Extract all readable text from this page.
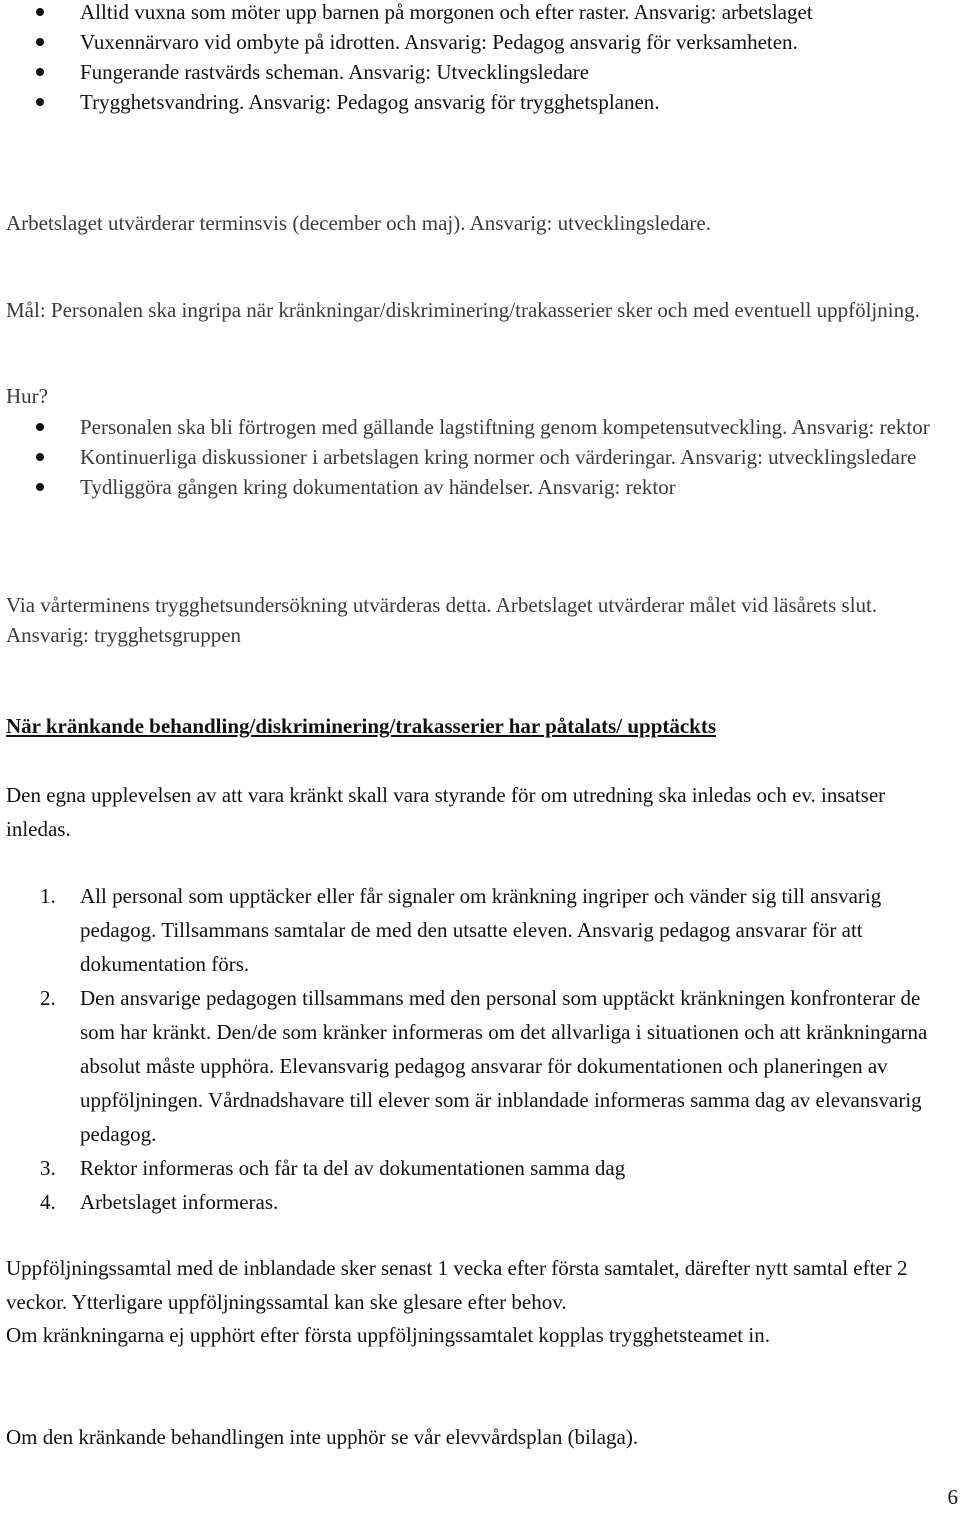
Alltid vuxna som möter upp barnen på morgonen och efter raster. Ansvarig: arbetslaget
Vuxennärvaro vid ombyte på idrotten. Ansvarig: Pedagog ansvarig för verksamheten.
Fungerande rastvärds scheman. Ansvarig: Utvecklingsledare
Trygghetsvandring. Ansvarig: Pedagog ansvarig för trygghetsplanen.

Arbetslaget utvärderar terminsvis (december och maj). Ansvarig: utvecklingsledare.

Mål: Personalen ska ingripa när kränkningar/diskriminering/trakasserier sker och med eventuell uppföljning.

Hur?

Personalen ska bli förtrogen med gällande lagstiftning genom kompetensutveckling. Ansvarig: rektor
Kontinuerliga diskussioner i arbetslagen kring normer och värderingar. Ansvarig: utvecklingsledare
Tydliggöra gången kring dokumentation av händelser. Ansvarig: rektor

Via vårterminens trygghetsundersökning utvärderas detta. Arbetslaget utvärderar målet vid läsårets slut. Ansvarig: trygghetsgruppen

När kränkande behandling/diskriminering/trakasserier har påtalats/ upptäckts

Den egna upplevelsen av att vara kränkt skall vara styrande för om utredning ska inledas och ev. insatser inledas.

1. All personal som upptäcker eller får signaler om kränkning ingriper och vänder sig till ansvarig pedagog. Tillsammans samtalar de med den utsatte eleven. Ansvarig pedagog ansvarar för att dokumentation förs.
2. Den ansvarige pedagogen tillsammans med den personal som upptäckt kränkningen konfronterar de som har kränkt. Den/de som kränker informeras om det allvarliga i situationen och att kränkningarna absolut måste upphöra. Elevansvarig pedagog ansvarar för dokumentationen och planeringen av uppföljningen. Vårdnadshavare till elever som är inblandade informeras samma dag av elevansvarig pedagog.
3. Rektor informeras och får ta del av dokumentationen samma dag
4. Arbetslaget informeras.

Uppföljningssamtal med de inblandade sker senast 1 vecka efter första samtalet, därefter nytt samtal efter 2 veckor. Ytterligare uppföljningssamtal kan ske glesare efter behov.

Om kränkningarna ej upphört efter första uppföljningssamtalet kopplas trygghetsteamet in.

Om den kränkande behandlingen inte upphör se vår elevvårdsplan (bilaga).

6
